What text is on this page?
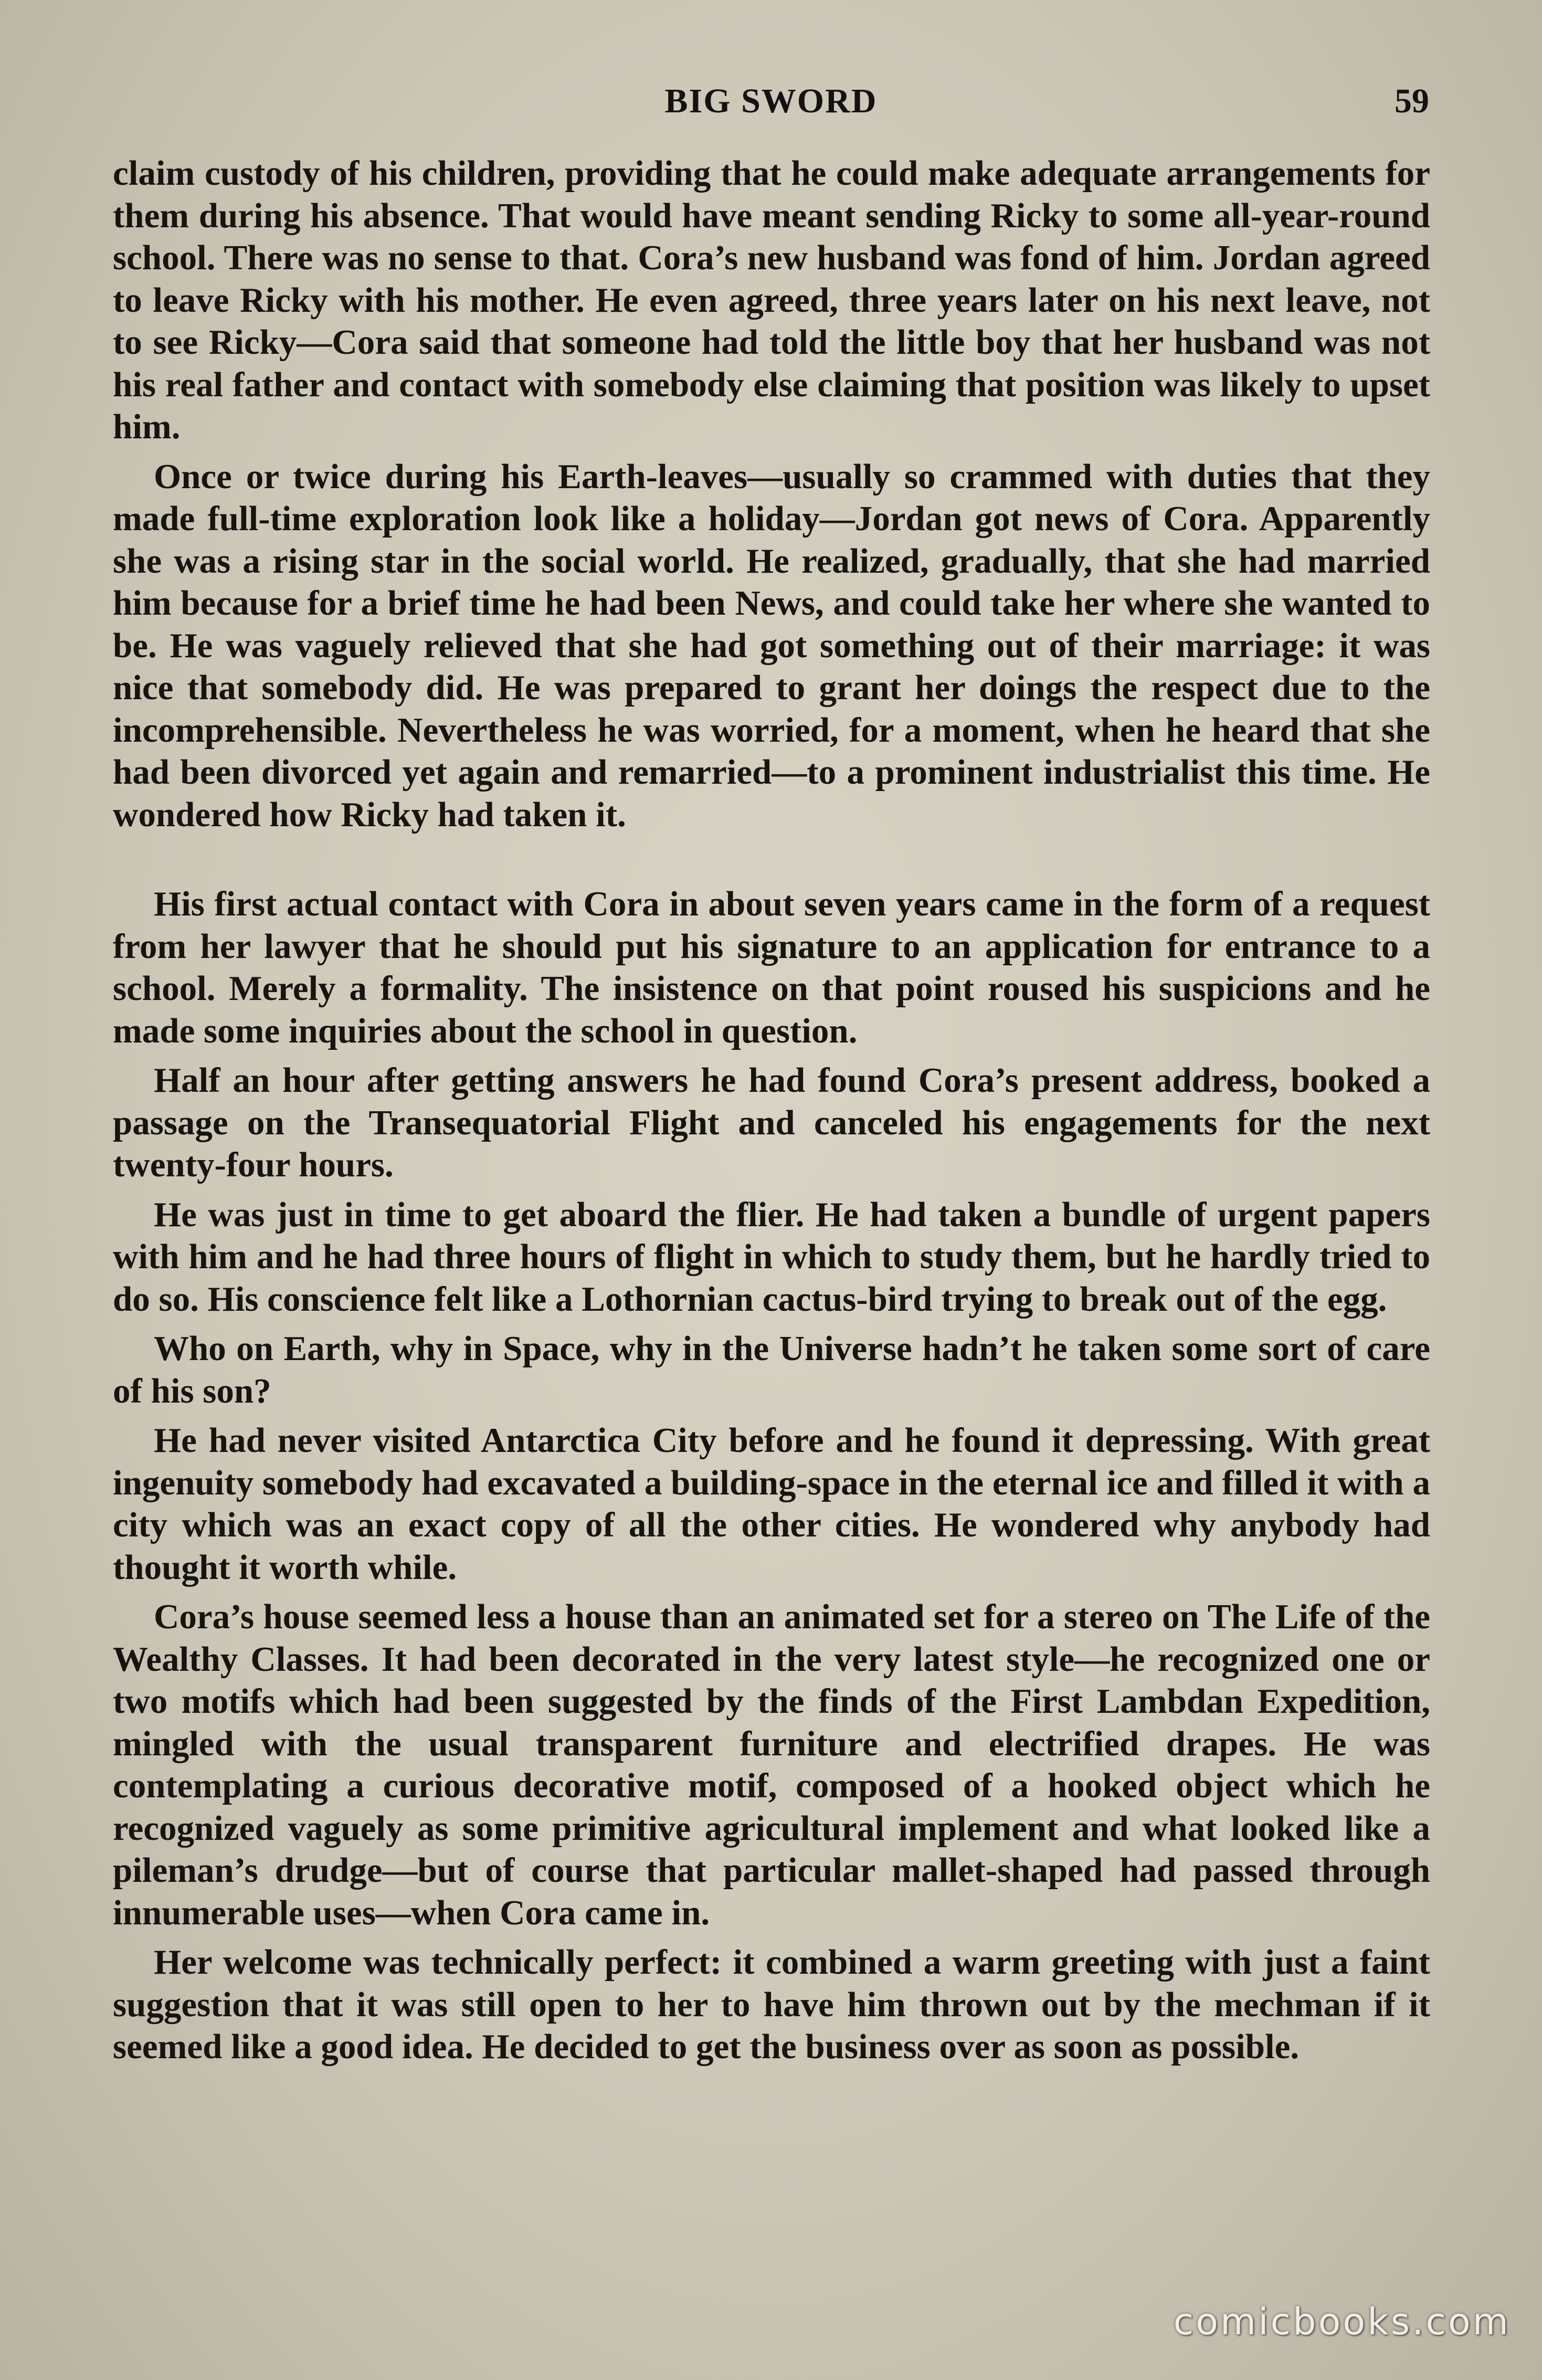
BIG SWORD	59

claim custody of his children, providing that he could make adequate arrangements for them during his absence. That would have meant sending Ricky to some all-year-round school. There was no sense to that. Cora’s new husband was fond of him. Jordan agreed to leave Ricky with his mother. He even agreed, three years later on his next leave, not to see Ricky—Cora said that someone had told the little boy that her husband was not his real father and contact with somebody else claiming that position was likely to upset him.

Once or twice during his Earth-leaves—usually so crammed with duties that they made full-time exploration look like a holiday—Jordan got news of Cora. Apparently she was a rising star in the social world. He realized, gradually, that she had married him because for a brief time he had been News, and could take her where she wanted to be. He was vaguely relieved that she had got something out of their marriage: it was nice that somebody did. He was prepared to grant her doings the respect due to the incomprehensible. Nevertheless he was worried, for a moment, when he heard that she had been divorced yet again and remarried—to a prominent industrialist this time. He wondered how Ricky had taken it.

His first actual contact with Cora in about seven years came in the form of a request from her lawyer that he should put his signature to an application for entrance to a school. Merely a formality. The insistence on that point roused his suspicions and he made some inquiries about the school in question.

Half an hour after getting answers he had found Cora’s present address, booked a passage on the Transequatorial Flight and canceled his engagements for the next twenty-four hours.

He was just in time to get aboard the flier. He had taken a bundle of urgent papers with him and he had three hours of flight in which to study them, but he hardly tried to do so. His conscience felt like a Lothornian cactus-bird trying to break out of the egg.

Who on Earth, why in Space, why in the Universe hadn’t he taken some sort of care of his son?

He had never visited Antarctica City before and he found it depressing. With great ingenuity somebody had excavated a building-space in the eternal ice and filled it with a city which was an exact copy of all the other cities. He wondered why anybody had thought it worth while.

Cora’s house seemed less a house than an animated set for a stereo on The Life of the Wealthy Classes. It had been decorated in the very latest style—he recognized one or two motifs which had been suggested by the finds of the First Lambdan Expedition, mingled with the usual transparent furniture and electrified drapes. He was contemplating a curious decorative motif, composed of a hooked object which he recognized vaguely as some primitive agricultural implement and what looked like a pileman’s drudge—but of course that particular mallet-shaped had passed through innumerable uses—when Cora came in.

Her welcome was technically perfect: it combined a warm greeting with just a faint suggestion that it was still open to her to have him thrown out by the mechman if it seemed like a good idea. He decided to get the business over as soon as possible.

comicbooks.com
